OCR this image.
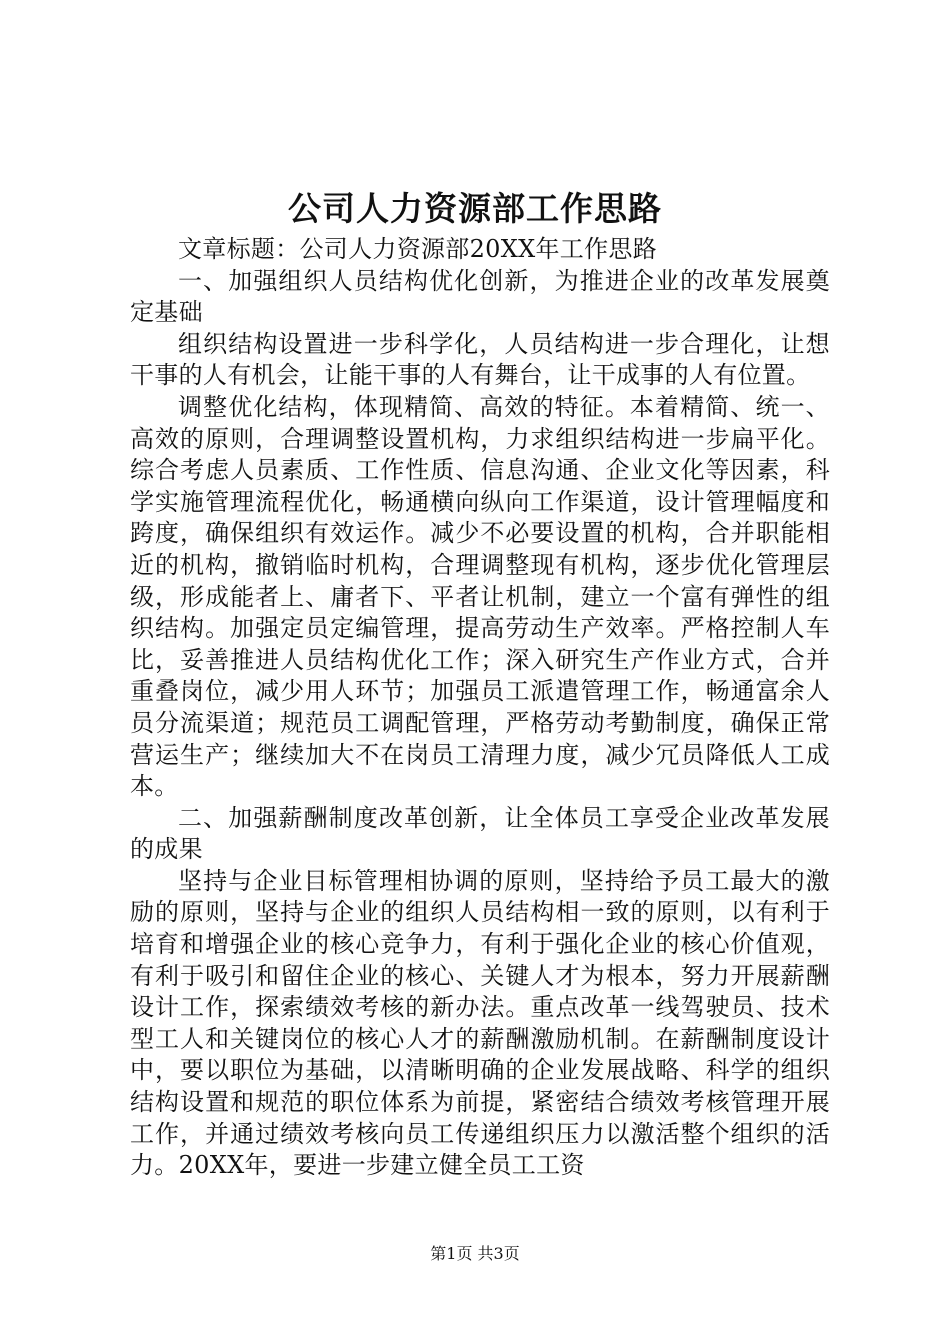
公司人力资源部工作思路

文章标题：公司人力资源部20XX年工作思路

一、加强组织人员结构优化创新，为推进企业的改革发展奠定基础

组织结构设置进一步科学化，人员结构进一步合理化，让想干事的人有机会，让能干事的人有舞台，让干成事的人有位置。

调整优化结构，体现精简、高效的特征。本着精简、统一、高效的原则，合理调整设置机构，力求组织结构进一步扁平化。综合考虑人员素质、工作性质、信息沟通、企业文化等因素，科学实施管理流程优化，畅通横向纵向工作渠道，设计管理幅度和跨度，确保组织有效运作。减少不必要设置的机构，合并职能相近的机构，撤销临时机构，合理调整现有机构，逐步优化管理层级，形成能者上、庸者下、平者让机制，建立一个富有弹性的组织结构。加强定员定编管理，提高劳动生产效率。严格控制人车比，妥善推进人员结构优化工作；深入研究生产作业方式，合并重叠岗位，减少用人环节；加强员工派遣管理工作，畅通富余人员分流渠道；规范员工调配管理，严格劳动考勤制度，确保正常营运生产；继续加大不在岗员工清理力度，减少冗员降低人工成本。

二、加强薪酬制度改革创新，让全体员工享受企业改革发展的成果

坚持与企业目标管理相协调的原则，坚持给予员工最大的激励的原则，坚持与企业的组织人员结构相一致的原则，以有利于培育和增强企业的核心竞争力，有利于强化企业的核心价值观，有利于吸引和留住企业的核心、关键人才为根本，努力开展薪酬设计工作，探索绩效考核的新办法。重点改革一线驾驶员、技术型工人和关键岗位的核心人才的薪酬激励机制。在薪酬制度设计中，要以职位为基础，以清晰明确的企业发展战略、科学的组织结构设置和规范的职位体系为前提，紧密结合绩效考核管理开展工作，并通过绩效考核向员工传递组织压力以激活整个组织的活力。20XX年，要进一步建立健全员工工资

第1页 共3页
